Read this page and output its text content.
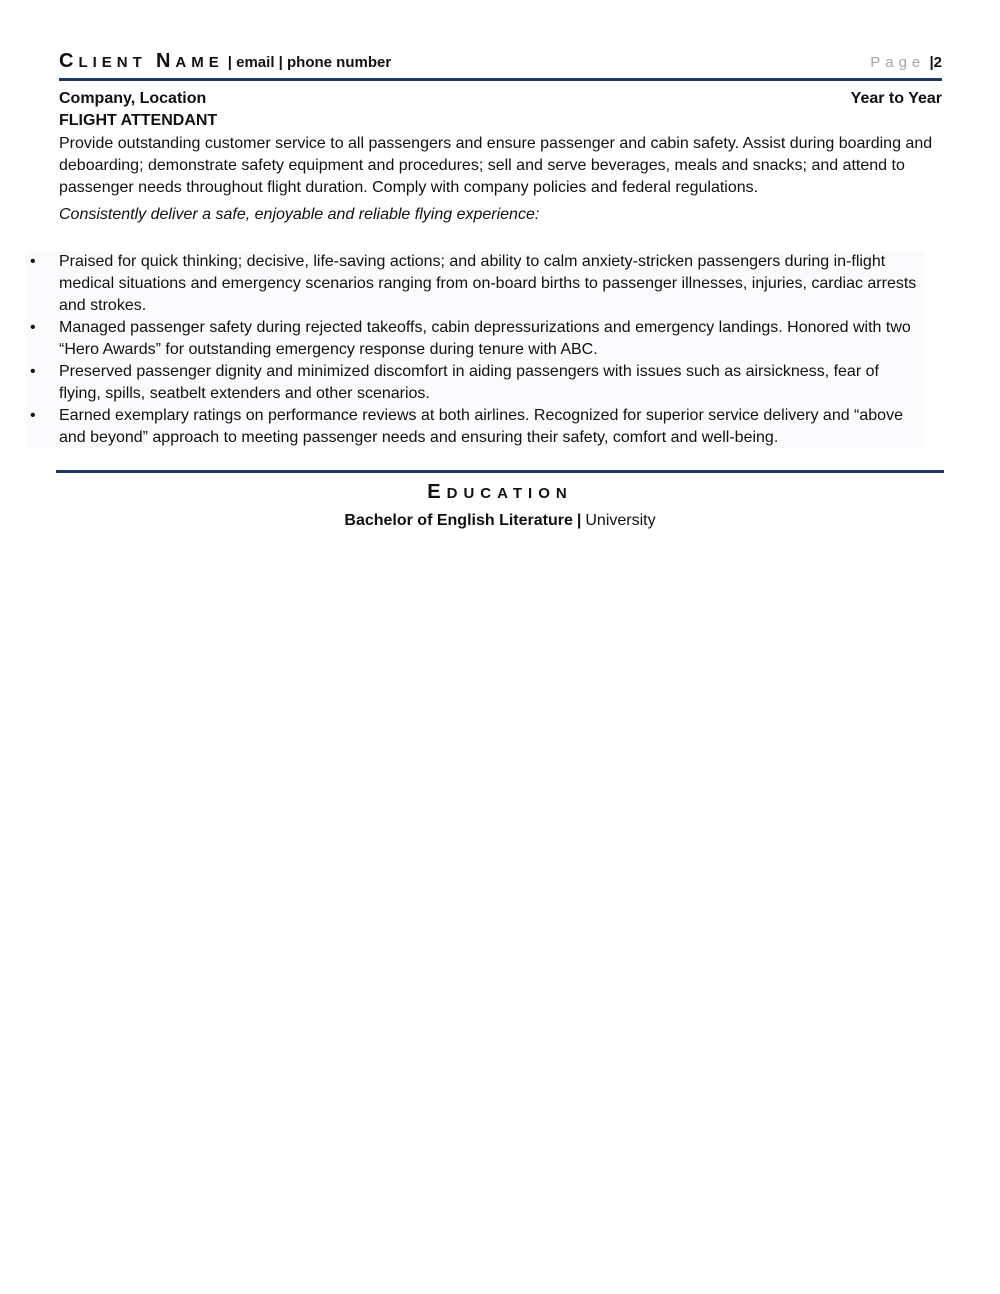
CLIENT NAME | email | phone number	Page |2
Company, Location	Year to Year
FLIGHT ATTENDANT

Provide outstanding customer service to all passengers and ensure passenger and cabin safety. Assist during boarding and deboarding; demonstrate safety equipment and procedures; sell and serve beverages, meals and snacks; and attend to passenger needs throughout flight duration. Comply with company policies and federal regulations.

Consistently deliver a safe, enjoyable and reliable flying experience:

• Praised for quick thinking; decisive, life-saving actions; and ability to calm anxiety-stricken passengers during in-flight medical situations and emergency scenarios ranging from on-board births to passenger illnesses, injuries, cardiac arrests and strokes.
• Managed passenger safety during rejected takeoffs, cabin depressurizations and emergency landings. Honored with two “Hero Awards” for outstanding emergency response during tenure with ABC.
• Preserved passenger dignity and minimized discomfort in aiding passengers with issues such as airsickness, fear of flying, spills, seatbelt extenders and other scenarios.
• Earned exemplary ratings on performance reviews at both airlines. Recognized for superior service delivery and “above and beyond” approach to meeting passenger needs and ensuring their safety, comfort and well-being.
EDUCATION
Bachelor of English Literature | University
